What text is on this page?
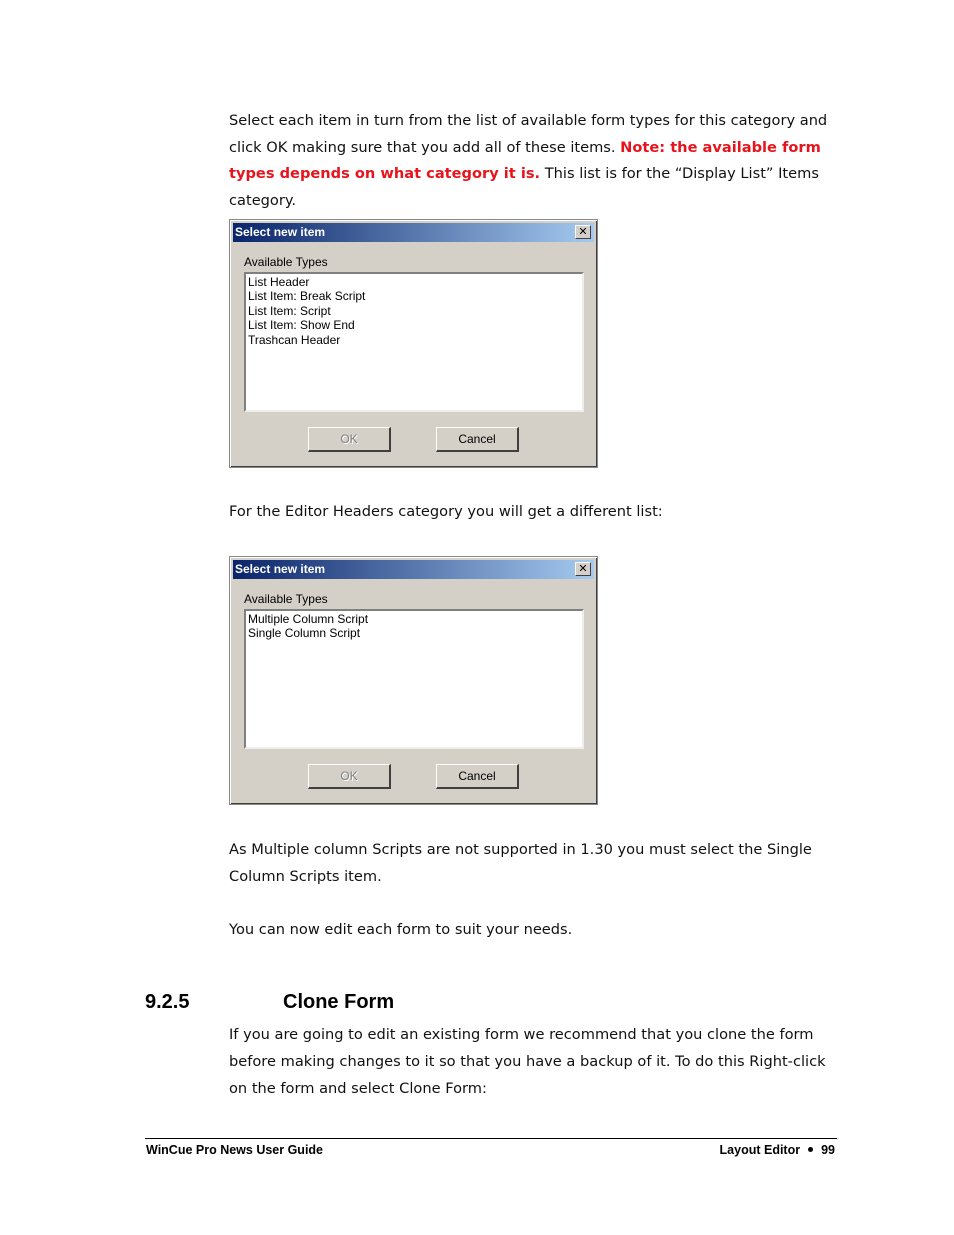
Select each item in turn from the list of available form types for this category and click OK making sure that you add all of these items. Note: the available form types depends on what category it is. This list is for the “Display List” Items category.

Select new item	✕
Available Types
List Header
List Item: Break Script
List Item: Script
List Item: Show End
Trashcan Header
OK	Cancel

For the Editor Headers category you will get a different list:

Select new item	✕
Available Types
Multiple Column Script
Single Column Script
OK	Cancel

As Multiple column Scripts are not supported in 1.30 you must select the Single Column Scripts item.

You can now edit each form to suit your needs.

9.2.5	Clone Form

If you are going to edit an existing form we recommend that you clone the form before making changes to it so that you have a backup of it. To do this Right-click on the form and select Clone Form:

WinCue Pro News User Guide	Layout Editor 99
